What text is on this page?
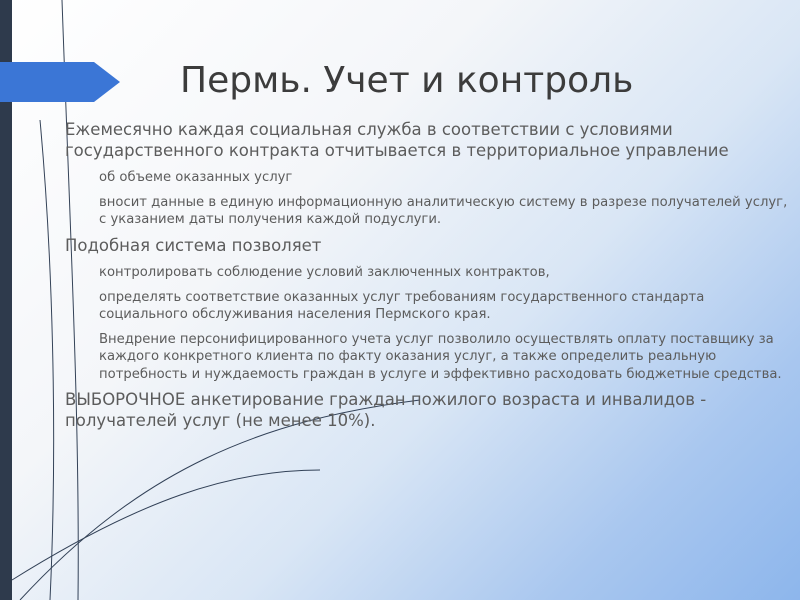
Пермь. Учет и контроль
Ежемесячно каждая социальная служба в соответствии с условиями государственного контракта отчитывается в территориальное управление
об объеме оказанных услуг
вносит данные в единую информационную аналитическую систему в разрезе получателей услуг, с указанием даты получения каждой подуслуги.
Подобная система позволяет
контролировать соблюдение условий заключенных контрактов,
определять соответствие оказанных услуг требованиям государственного стандарта социального обслуживания населения Пермского края.
Внедрение персонифицированного учета услуг позволило осуществлять оплату поставщику за каждого конкретного клиента по факту оказания услуг, а также определить реальную потребность и нуждаемость граждан в услуге и эффективно расходовать бюджетные средства.
ВЫБОРОЧНОЕ анкетирование граждан пожилого возраста и инвалидов - получателей услуг (не менее 10%).
